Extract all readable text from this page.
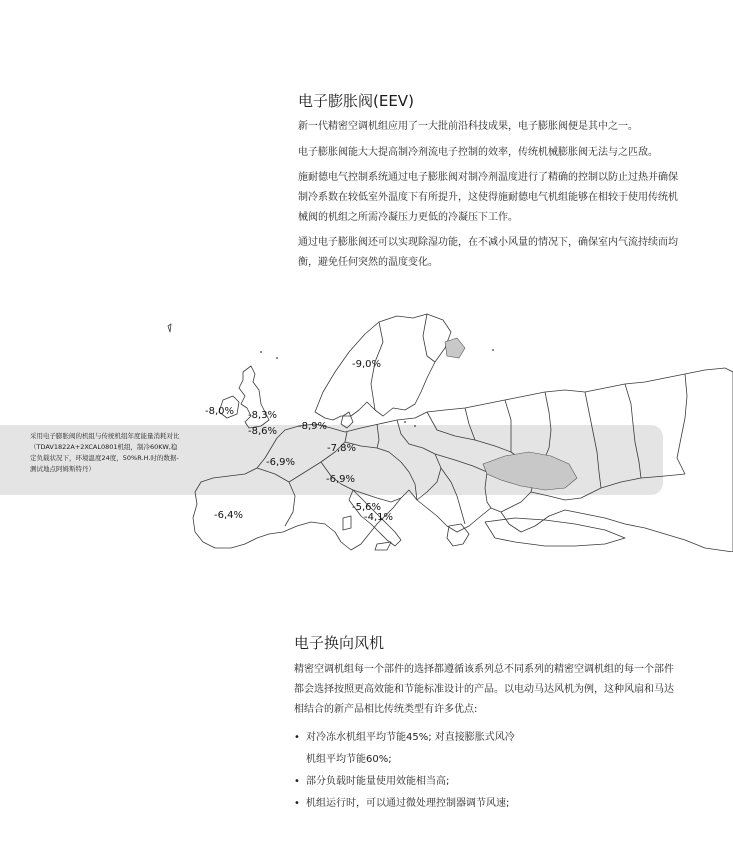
电子膨胀阀(EEV)

新一代精密空调机组应用了一大批前沿科技成果，电子膨胀阀便是其中之一。

电子膨胀阀能大大提高制冷剂流电子控制的效率，传统机械膨胀阀无法与之匹敌。

施耐德电气控制系统通过电子膨胀阀对制冷剂温度进行了精确的控制以防止过热并确保制冷系数在较低室外温度下有所提升，这使得施耐德电气机组能够在相较于使用传统机械阀的机组之所需冷凝压力更低的冷凝压下工作。

通过电子膨胀阀还可以实现除湿功能，在不减小风量的情况下，确保室内气流持续而均衡，避免任何突然的温度变化。

采用电子膨胀阀的机组与传统机组年度能量消耗对比（TDAV1822A+2XCAL0801机组，制冷60KW,稳定负载状况下，环境温度24度，50%R.H.时的数据-测试地点阿姆斯特丹）
-9,0%
-8,0% -8,3%
-8,6% -8,9%
-7,8%
-6,9%
-6,9%
-6,4%
-5,6%
-4,1%
电子换向风机

精密空调机组每一个部件的选择都遵循该系列总不同系列的精密空调机组的每一个部件都会选择按照更高效能和节能标准设计的产品。以电动马达风机为例，这种风扇和马达相结合的新产品相比传统类型有许多优点:

• 对冷冻水机组平均节能45%; 对直接膨胀式风冷
机组平均节能60%;
• 部分负载时能量使用效能相当高;
• 机组运行时，可以通过微处理控制器调节风速;
